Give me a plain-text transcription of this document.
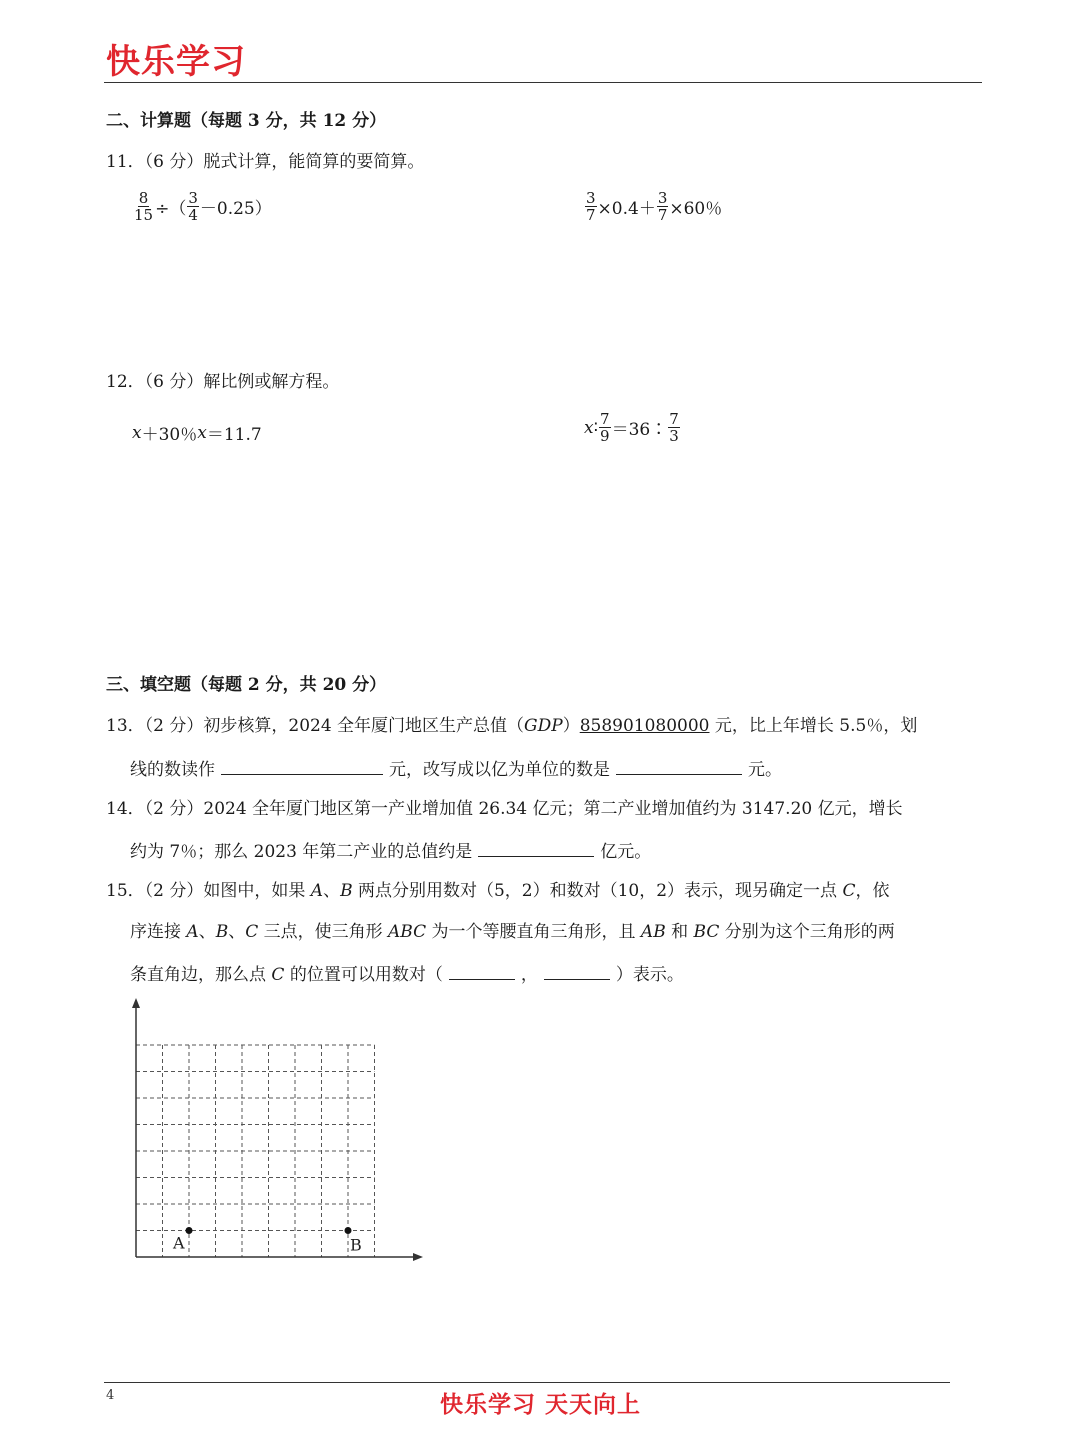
快乐学习
二、计算题（每题 3 分，共 12 分）
11．（6 分）脱式计算，能简算的要简算。
$\frac{8}{15}$ ÷（ $\frac{3}{4} -0.25$）	$\frac{3}{7} \times 0.4+ \frac{3}{7} \times 60$％
12．（6 分）解比例或解方程。
x ＋30％ x ＝11.7	x ∶ $\frac{7}{9}$ ＝36∶ $\frac{7}{3}$
三、填空题（每题 2 分，共 20 分）
13．（2 分）初步核算，2024 全年厦门地区生产总值（GDP）858901080000 元，比上年增长 5.5％，划
线的数读作	元，改写成以亿为单位的数是	元。
14．（2 分）2024 全年厦门地区第一产业增加值 26.34 亿元；第二产业增加值约为 3147.20 亿元，增长
约为 7％；那么 2023 年第二产业的总值约是	亿元。
15．（2 分）如图中，如果 A、B 两点分别用数对（5，2）和数对（10，2）表示，现另确定一点 C，依
序连接 A、B、C 三点，使三角形 ABC 为一个等腰直角三角形，且 AB 和 BC 分别为这个三角形的两
条直角边，那么点 C 的位置可以用数对（	，	）表示。
A	B
4	快乐学习 天天向上
